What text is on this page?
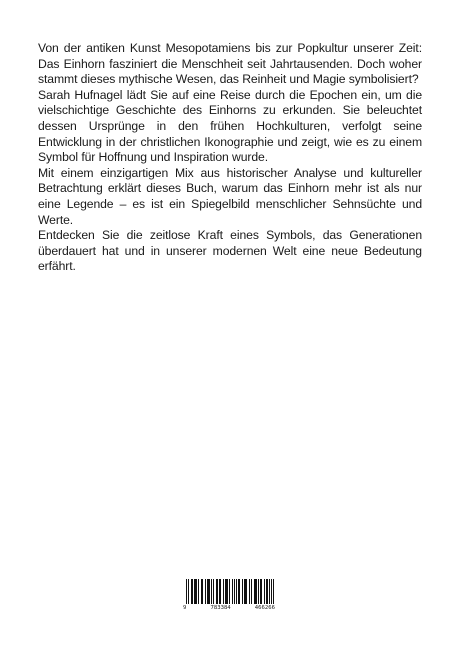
Von der antiken Kunst Mesopotamiens bis zur Popkultur unserer Zeit: Das Einhorn fasziniert die Menschheit seit Jahrtausenden. Doch woher stammt dieses mythische Wesen, das Reinheit und Magie symbolisiert?

Sarah Hufnagel lädt Sie auf eine Reise durch die Epochen ein, um die vielschichtige Geschichte des Einhorns zu erkunden. Sie beleuchtet dessen Ursprünge in den frühen Hochkulturen, verfolgt seine Entwicklung in der christlichen Ikonographie und zeigt, wie es zu einem Symbol für Hoffnung und Inspiration wurde.

Mit einem einzigartigen Mix aus historischer Analyse und kultureller Betrachtung erklärt dieses Buch, warum das Einhorn mehr ist als nur eine Legende – es ist ein Spiegelbild menschlicher Sehnsüchte und Werte.

Entdecken Sie die zeitlose Kraft eines Symbols, das Generationen überdauert hat und in unserer modernen Welt eine neue Bedeutung erfährt.

9	783384	466266
